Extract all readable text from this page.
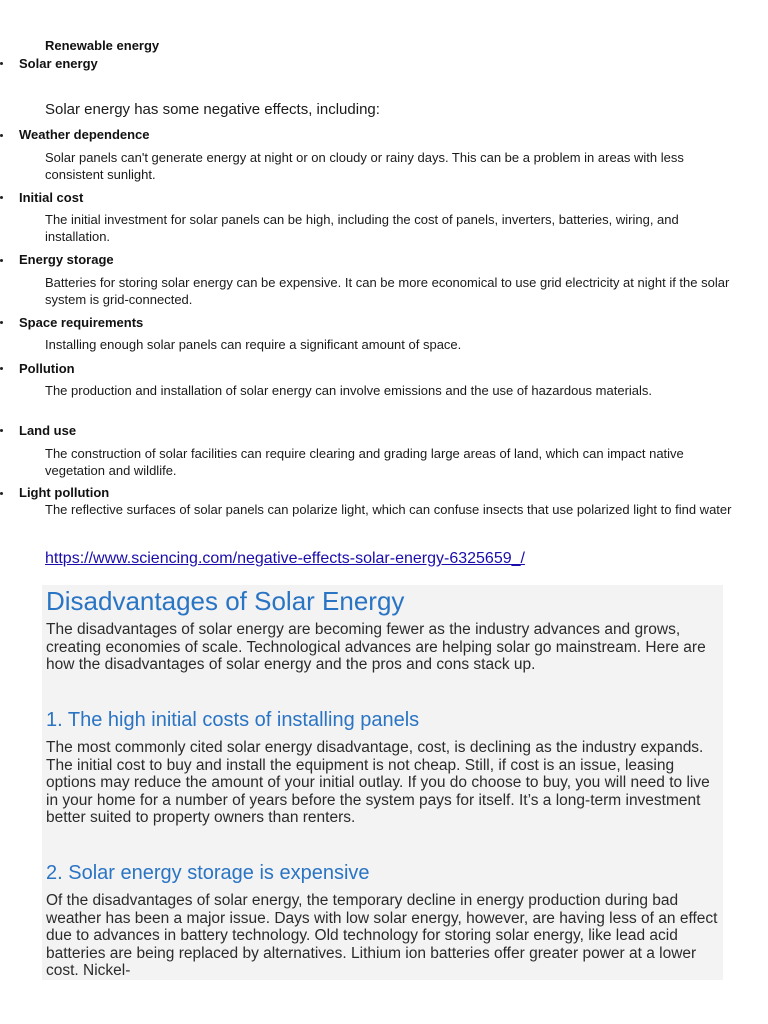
Renewable energy
Solar energy
Solar energy has some negative effects, including:
Weather dependence
Solar panels can't generate energy at night or on cloudy or rainy days. This can be a problem in areas with less consistent sunlight.
Initial cost
The initial investment for solar panels can be high, including the cost of panels, inverters, batteries, wiring, and installation.
Energy storage
Batteries for storing solar energy can be expensive. It can be more economical to use grid electricity at night if the solar system is grid-connected.
Space requirements
Installing enough solar panels can require a significant amount of space.
Pollution
The production and installation of solar energy can involve emissions and the use of hazardous materials.
Land use
The construction of solar facilities can require clearing and grading large areas of land, which can impact native vegetation and wildlife.
Light pollution
The reflective surfaces of solar panels can polarize light, which can confuse insects that use polarized light to find water
https://www.sciencing.com/negative-effects-solar-energy-6325659_/
Disadvantages of Solar Energy
The disadvantages of solar energy are becoming fewer as the industry advances and grows, creating economies of scale. Technological advances are helping solar go mainstream. Here are how the disadvantages of solar energy and the pros and cons stack up.
1. The high initial costs of installing panels
The most commonly cited solar energy disadvantage, cost, is declining as the industry expands. The initial cost to buy and install the equipment is not cheap. Still, if cost is an issue, leasing options may reduce the amount of your initial outlay. If you do choose to buy, you will need to live in your home for a number of years before the system pays for itself. It’s a long-term investment better suited to property owners than renters.
2. Solar energy storage is expensive
Of the disadvantages of solar energy, the temporary decline in energy production during bad weather has been a major issue. Days with low solar energy, however, are having less of an effect due to advances in battery technology. Old technology for storing solar energy, like lead acid batteries are being replaced by alternatives. Lithium ion batteries offer greater power at a lower cost. Nickel-
